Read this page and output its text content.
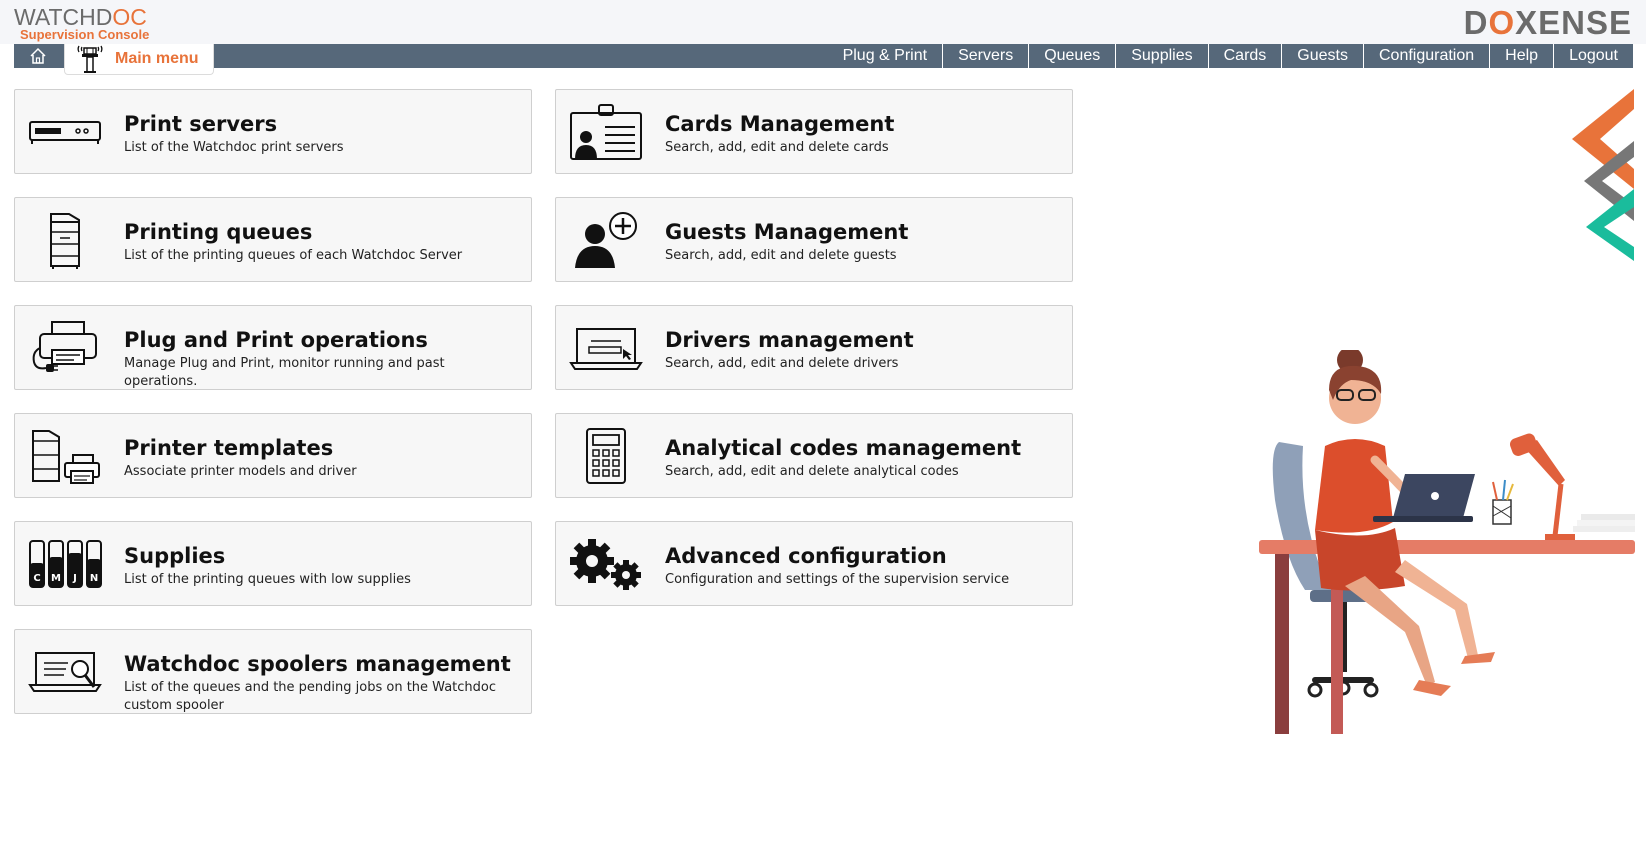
WATCHDOC
Supervision Console	DOXENSE
Main menu	Plug & Print	Servers	Queues	Supplies	Cards	Guests	Configuration	Help	Logout
Print servers
List of the Watchdoc print servers
Cards Management
Search, add, edit and delete cards
Printing queues
List of the printing queues of each Watchdoc Server
Guests Management
Search, add, edit and delete guests
Plug and Print operations
Manage Plug and Print, monitor running and past operations.
Drivers management
Search, add, edit and delete drivers
Printer templates
Associate printer models and driver
Analytical codes management
Search, add, edit and delete analytical codes
C M J N
Supplies
List of the printing queues with low supplies
Advanced configuration
Configuration and settings of the supervision service
Watchdoc spoolers management
List of the queues and the pending jobs on the Watchdoc custom spooler
